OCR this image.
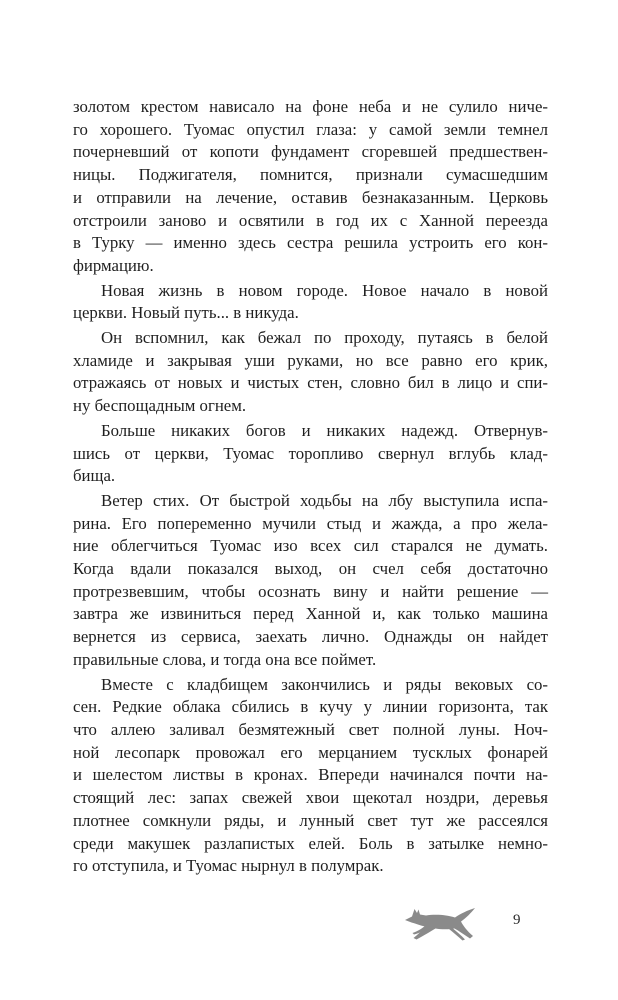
золотом крестом нависало на фоне неба и не сулило ниче-
го хорошего. Туомас опустил глаза: у самой земли темнел
почерневший от копоти фундамент сгоревшей предшествен-
ницы. Поджигателя, помнится, признали сумасшедшим
и отправили на лечение, оставив безнаказанным. Церковь
отстроили заново и освятили в год их с Ханной переезда
в Турку — именно здесь сестра решила устроить его кон-
фирмацию.
Новая жизнь в новом городе. Новое начало в новой
церкви. Новый путь... в никуда.
Он вспомнил, как бежал по проходу, путаясь в белой
хламиде и закрывая уши руками, но все равно его крик,
отражаясь от новых и чистых стен, словно бил в лицо и спи-
ну беспощадным огнем.
Больше никаких богов и никаких надежд. Отвернув-
шись от церкви, Туомас торопливо свернул вглубь клад-
бища.
Ветер стих. От быстрой ходьбы на лбу выступила испа-
рина. Его попеременно мучили стыд и жажда, а про жела-
ние облегчиться Туомас изо всех сил старался не думать.
Когда вдали показался выход, он счел себя достаточно
протрезвевшим, чтобы осознать вину и найти решение —
завтра же извиниться перед Ханной и, как только машина
вернется из сервиса, заехать лично. Однажды он найдет
правильные слова, и тогда она все поймет.
Вместе с кладбищем закончились и ряды вековых со-
сен. Редкие облака сбились в кучу у линии горизонта, так
что аллею заливал безмятежный свет полной луны. Ноч-
ной лесопарк провожал его мерцанием тусклых фонарей
и шелестом листвы в кронах. Впереди начинался почти на-
стоящий лес: запах свежей хвои щекотал ноздри, деревья
плотнее сомкнули ряды, и лунный свет тут же рассеялся
среди макушек разлапистых елей. Боль в затылке немно-
го отступила, и Туомас нырнул в полумрак.
9
